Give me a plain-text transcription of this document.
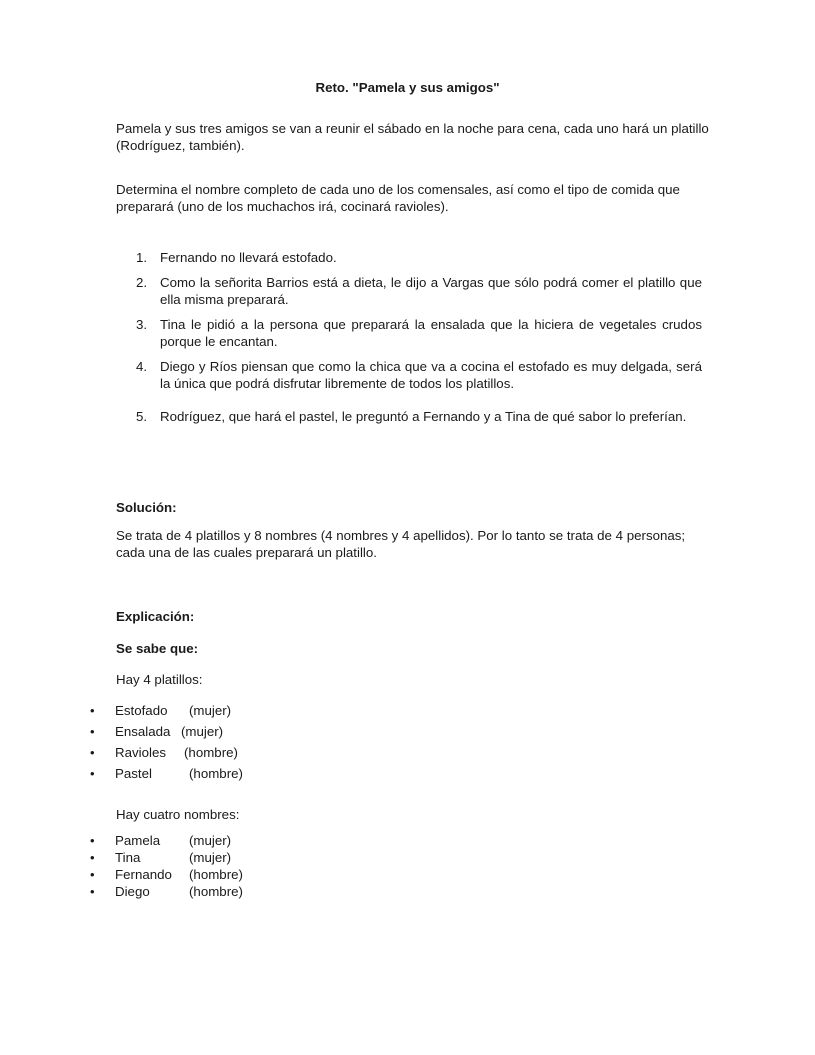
Reto. "Pamela y sus amigos"
Pamela y sus tres amigos se van a reunir el sábado en la noche para cena, cada uno hará un platillo (Rodríguez, también).
Determina el nombre completo de cada uno de los comensales, así como el tipo de comida que preparará (uno de los muchachos irá, cocinará ravioles).
1. Fernando no llevará estofado.
2. Como la señorita Barrios está a dieta, le dijo a Vargas que sólo podrá comer el platillo que ella misma preparará.
3. Tina le pidió a la persona que preparará la ensalada que la hiciera de vegetales crudos porque le encantan.
4. Diego y Ríos piensan que como la chica que va a cocina el estofado es muy delgada, será la única que podrá disfrutar libremente de todos los platillos.
5. Rodríguez, que hará el pastel, le preguntó a Fernando y a Tina de qué sabor lo preferían.
Solución:
Se trata de 4 platillos y 8 nombres (4 nombres y 4 apellidos). Por lo tanto se trata de 4 personas; cada una de las cuales preparará un platillo.
Explicación:
Se sabe que:
Hay 4 platillos:
• Estofado (mujer)
• Ensalada (mujer)
• Ravioles (hombre)
• Pastel	(hombre)
Hay cuatro nombres:
• Pamela (mujer)
• Tina	(mujer)
• Fernando (hombre)
• Diego	(hombre)
